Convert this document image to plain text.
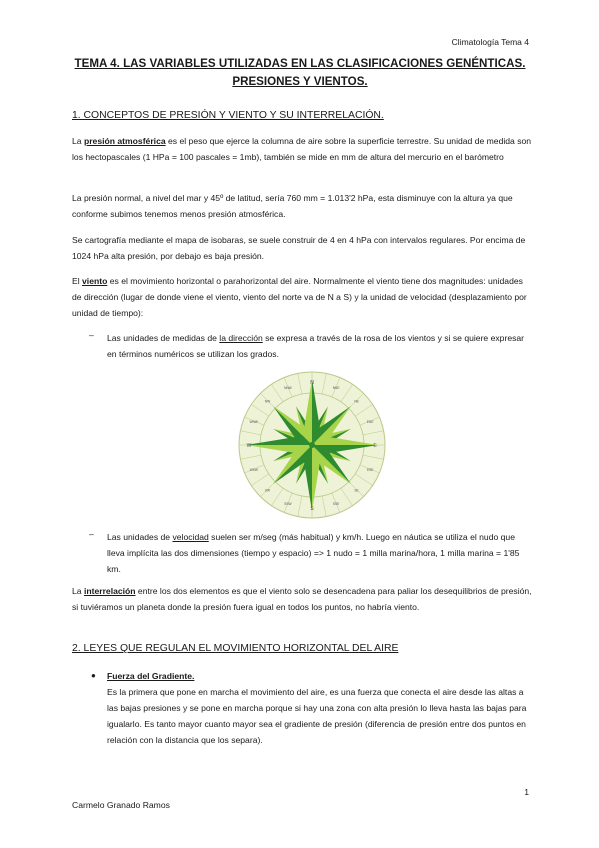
Climatología Tema 4
TEMA 4. LAS VARIABLES UTILIZADAS EN LAS CLASIFICACIONES GENÉNTICAS.
PRESIONES Y VIENTOS.
1. CONCEPTOS DE PRESIÓN Y VIENTO Y SU INTERRELACIÓN.
La presión atmosférica es el peso que ejerce la columna de aire sobre la superficie terrestre. Su unidad de medida son los hectopascales (1 HPa = 100 pascales = 1mb), también se mide en mm de altura del mercurio en el barómetro
La presión normal, a nivel del mar y 45º de latitud, sería 760 mm = 1.013'2 hPa, esta disminuye con la altura ya que conforme subimos tenemos menos presión atmosférica.
Se cartografía mediante el mapa de isobaras, se suele construir de 4 en 4 hPa con intervalos regulares. Por encima de 1024 hPa alta presión, por debajo es baja presión.
El viento es el movimiento horizontal o parahorizontal del aire. Normalmente el viento tiene dos magnitudes: unidades de dirección (lugar de donde viene el viento, viento del norte va de N a S) y la unidad de velocidad (desplazamiento por unidad de tiempo):
– Las unidades de medidas de la dirección se expresa a través de la rosa de los vientos y si se quiere expresar en términos numéricos se utilizan los grados.
N
NNE
NE
ENE
E
ESE
SE
SSE
S
SSW
SW
WSW
W
WNW
NW
NNW
– Las unidades de velocidad suelen ser m/seg (más habitual) y km/h. Luego en náutica se utiliza el nudo que lleva implícita las dos dimensiones (tiempo y espacio) => 1 nudo = 1 milla marina/hora, 1 milla marina = 1'85 km.
La interrelación entre los dos elementos es que el viento solo se desencadena para paliar los desequilibrios de presión, si tuviéramos un planeta donde la presión fuera igual en todos los puntos, no habría viento.
2. LEYES QUE REGULAN EL MOVIMIENTO HORIZONTAL DEL AIRE
● Fuerza del Gradiente.
Es la primera que pone en marcha el movimiento del aire, es una fuerza que conecta el aire desde las altas a las bajas presiones y se pone en marcha porque si hay una zona con alta presión lo lleva hasta las bajas para igualarlo. Es tanto mayor cuanto mayor sea el gradiente de presión (diferencia de presión entre dos puntos en relación con la distancia que los separa).
1
Carmelo Granado Ramos
